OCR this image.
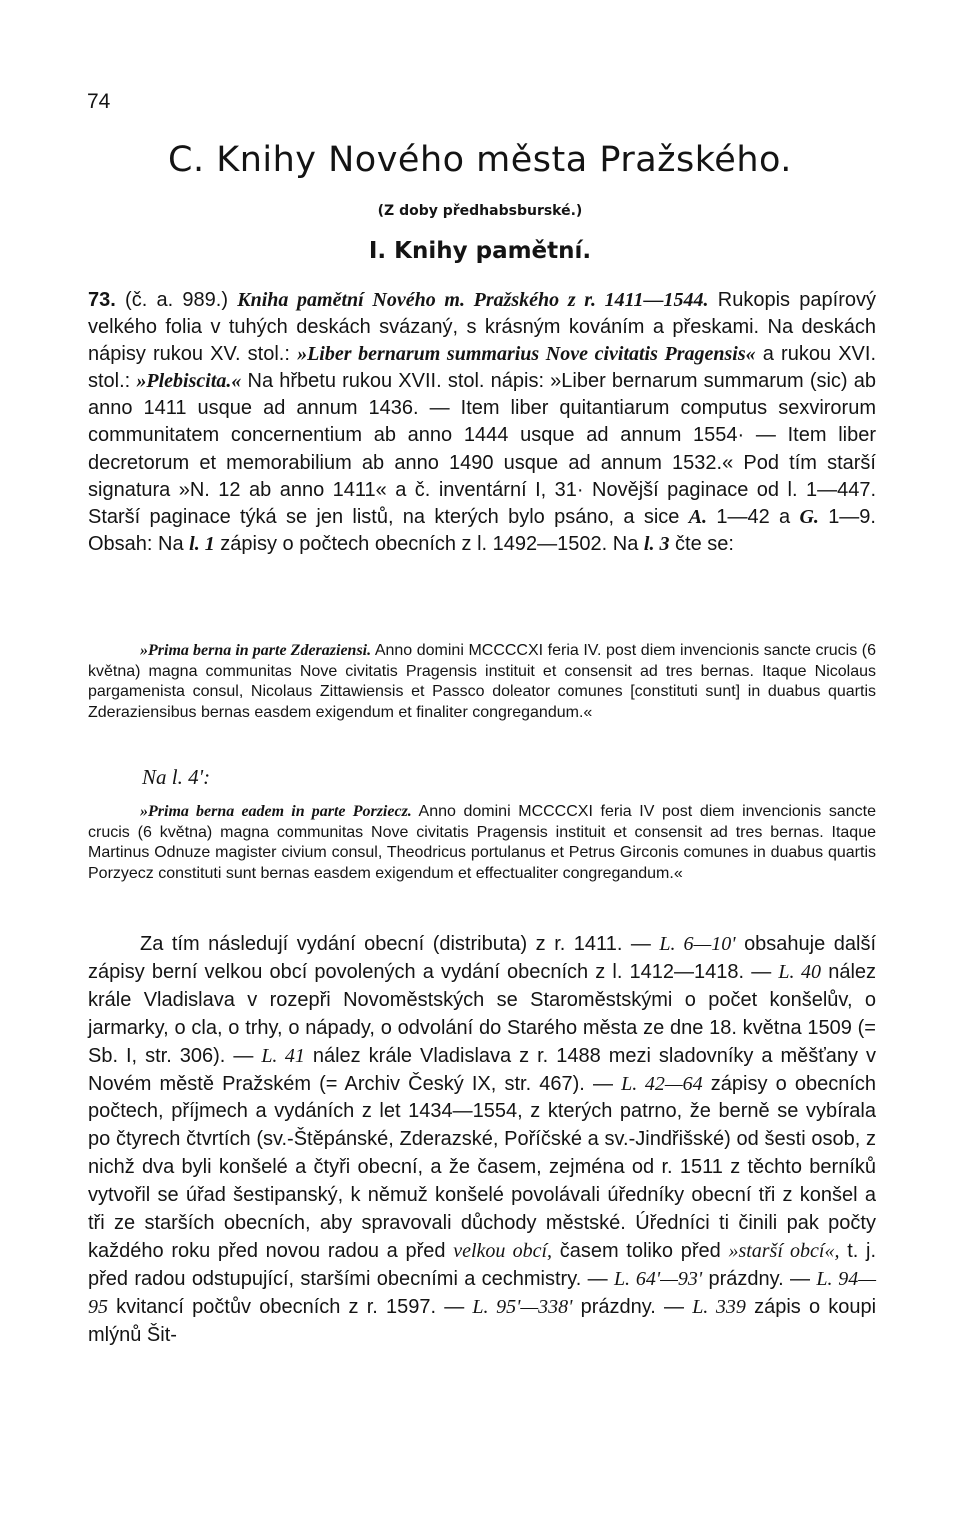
74
C. Knihy Nového města Pražského.
(Z doby předhabsburské.)
I. Knihy pamětní.

73. (č. a. 989.) Kniha pamětní Nového m. Pražského z r. 1411—1544. Rukopis papírový velkého folia v tuhých deskách svázaný, s krásným kováním a přeskami. Na deskách nápisy rukou XV. stol.: »Liber bernarum summarius Nove civitatis Pragensis« a rukou XVI. stol.: »Plebiscita.« Na hřbetu rukou XVII. stol. nápis: »Liber bernarum summarum (sic) ab anno 1411 usque ad annum 1436. — Item liber quitantiarum computus sexvirorum communitatem concernentium ab anno 1444 usque ad annum 1554· — Item liber decretorum et memorabilium ab anno 1490 usque ad annum 1532.« Pod tím starší signatura »N. 12 ab anno 1411« a č. inventární I, 31· Novější paginace od l. 1—447. Starší paginace týká se jen listů, na kterých bylo psáno, a sice A. 1—42 a G. 1—9. Obsah: Na l. 1 zápisy o počtech obecních z l. 1492—1502. Na l. 3 čte se:

»Prima berna in parte Zderaziensi. Anno domini MCCCCXI feria IV. post diem invencionis sancte crucis (6 května) magna communitas Nove civitatis Pragensis instituit et consensit ad tres bernas. Itaque Nicolaus pargamenista consul, Nicolaus Zittawiensis et Passco doleator comunes [constituti sunt] in duabus quartis Zderaziensibus bernas easdem exigendum et finaliter congregandum.«

Na l. 4':

»Prima berna eadem in parte Porziecz. Anno domini MCCCCXI feria IV post diem invencionis sancte crucis (6 května) magna communitas Nove civitatis Pragensis instituit et consensit ad tres bernas. Itaque Martinus Odnuze magister civium consul, Theodricus portulanus et Petrus Girconis comunes in duabus quartis Porzyecz constituti sunt bernas easdem exigendum et effectualiter congregandum.«

Za tím následují vydání obecní (distributa) z r. 1411. — L. 6—10' obsahuje další zápisy berní velkou obcí povolených a vydání obecních z l. 1412—1418. — L. 40 nález krále Vladislava v rozepři Novoměstských se Staroměstskými o počet konšelův, o jarmarky, o cla, o trhy, o nápady, o odvolání do Starého města ze dne 18. května 1509 (= Sb. I, str. 306). — L. 41 nález krále Vladislava z r. 1488 mezi sladovníky a měšťany v Novém městě Pražském (= Archiv Český IX, str. 467). — L. 42—64 zápisy o obecních počtech, příjmech a vydáních z let 1434—1554, z kterých patrno, že berně se vybírala po čtyrech čtvrtích (sv.-Štěpánské, Zderazské, Poříčské a sv.-Jindřišské) od šesti osob, z nichž dva byli konšelé a čtyři obecní, a že časem, zejména od r. 1511 z těchto berníků vytvořil se úřad šestipanský, k němuž konšelé povolávali úředníky obecní tři z konšel a tři ze starších obecních, aby spravovali důchody městské. Úředníci ti činili pak počty každého roku před novou radou a před velkou obcí, časem toliko před »starší obcí«, t. j. před radou odstupující, staršími obecními a cechmistry. — L. 64'—93' prázdny. — L. 94—95 kvitancí počtův obecních z r. 1597. — L. 95'—338' prázdny. — L. 339 zápis o koupi mlýnů Šit-
